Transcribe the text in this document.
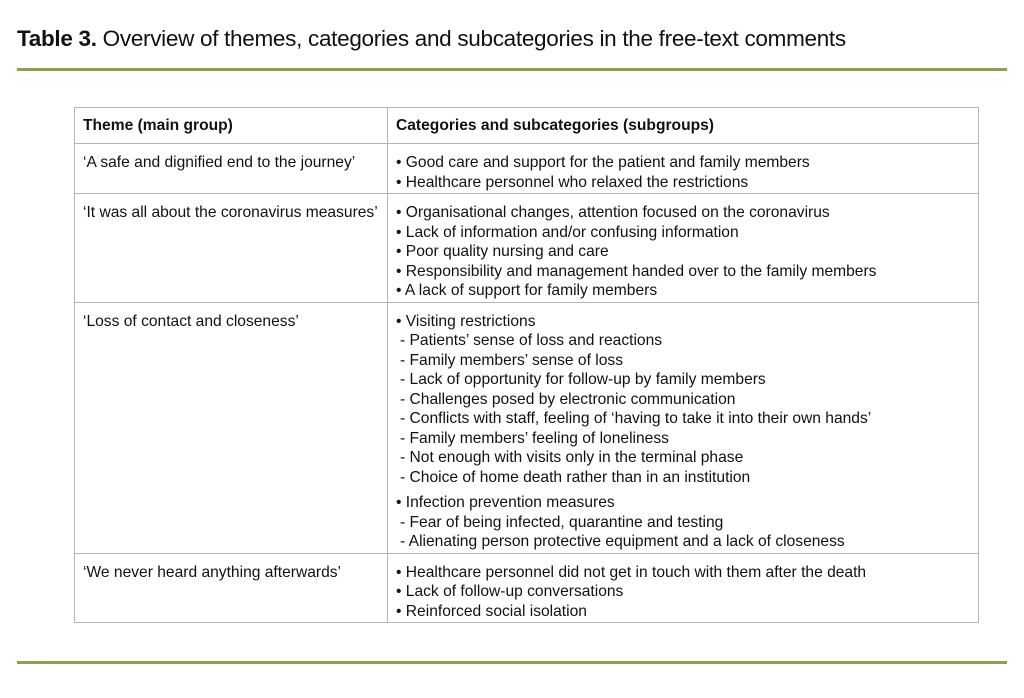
Table 3. Overview of themes, categories and subcategories in the free-text comments
Theme (main group)	Categories and subcategories (subgroups)
‘A safe and dignified end to the journey’	• Good care and support for the patient and family members
• Healthcare personnel who relaxed the restrictions

‘It was all about the coronavirus measures’	• Organisational changes, attention focused on the coronavirus
• Lack of information and/or confusing information
• Poor quality nursing and care
• Responsibility and management handed over to the family members
• A lack of support for family members

‘Loss of contact and closeness’	• Visiting restrictions
- Patients’ sense of loss and reactions
- Family members’ sense of loss
- Lack of opportunity for follow-up by family members
- Challenges posed by electronic communication
- Conflicts with staff, feeling of ‘having to take it into their own hands’
- Family members’ feeling of loneliness
- Not enough with visits only in the terminal phase
- Choice of home death rather than in an institution
• Infection prevention measures
- Fear of being infected, quarantine and testing
- Alienating person protective equipment and a lack of closeness

‘We never heard anything afterwards’	• Healthcare personnel did not get in touch with them after the death
• Lack of follow-up conversations
• Reinforced social isolation
